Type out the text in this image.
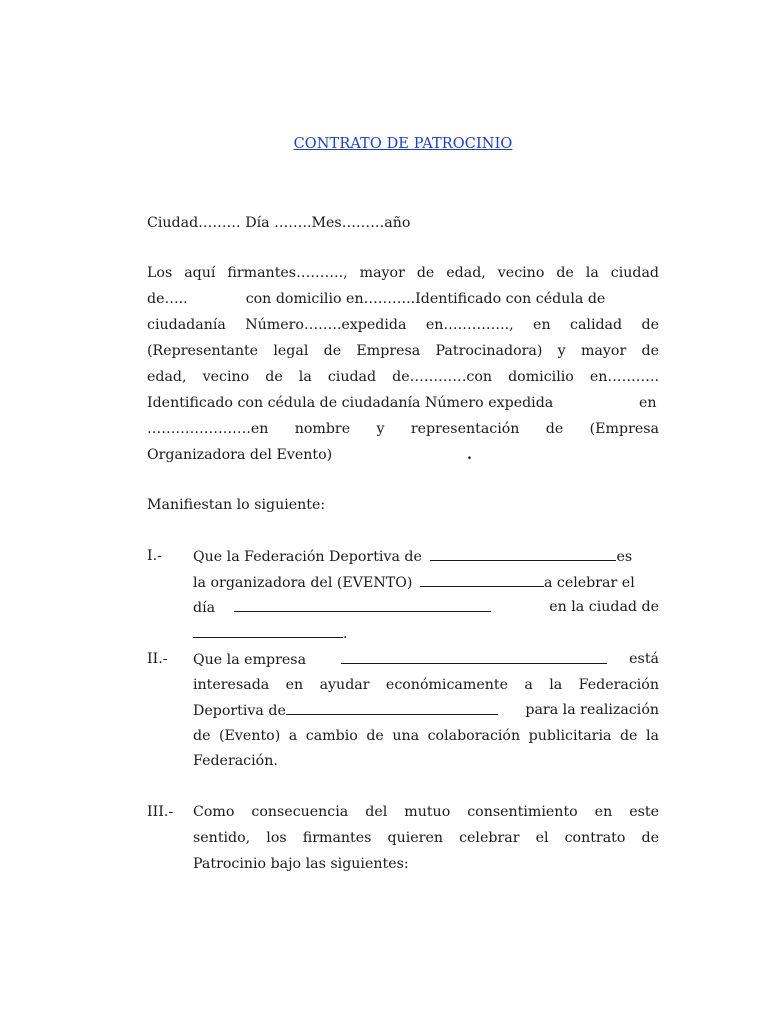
CONTRATO DE PATROCINIO
Ciudad……… Día ……..Mes………año
Los aquí firmantes………., mayor de edad, vecino de la ciudad
de…..	con domicilio en………..Identificado con cédula de
ciudadanía Número……..expedida en………….., en calidad de
(Representante legal de Empresa Patrocinadora) y mayor de
edad, vecino de la ciudad de…………con domicilio en………..
Identificado con cédula de ciudadanía Número expedida	en
………………….en nombre y representación de (Empresa
Organizadora del Evento)	.
Manifiestan lo siguiente:
I.- Que la Federación Deportiva de	es
la organizadora del (EVENTO)	a celebrar el
día	en la ciudad de
.
II.- Que la empresa	está
interesada en ayudar económicamente a la Federación
Deportiva de	para la realización
de (Evento) a cambio de una colaboración publicitaria de la
Federación.
III.- Como consecuencia del mutuo consentimiento en este
sentido, los firmantes quieren celebrar el contrato de
Patrocinio bajo las siguientes:
